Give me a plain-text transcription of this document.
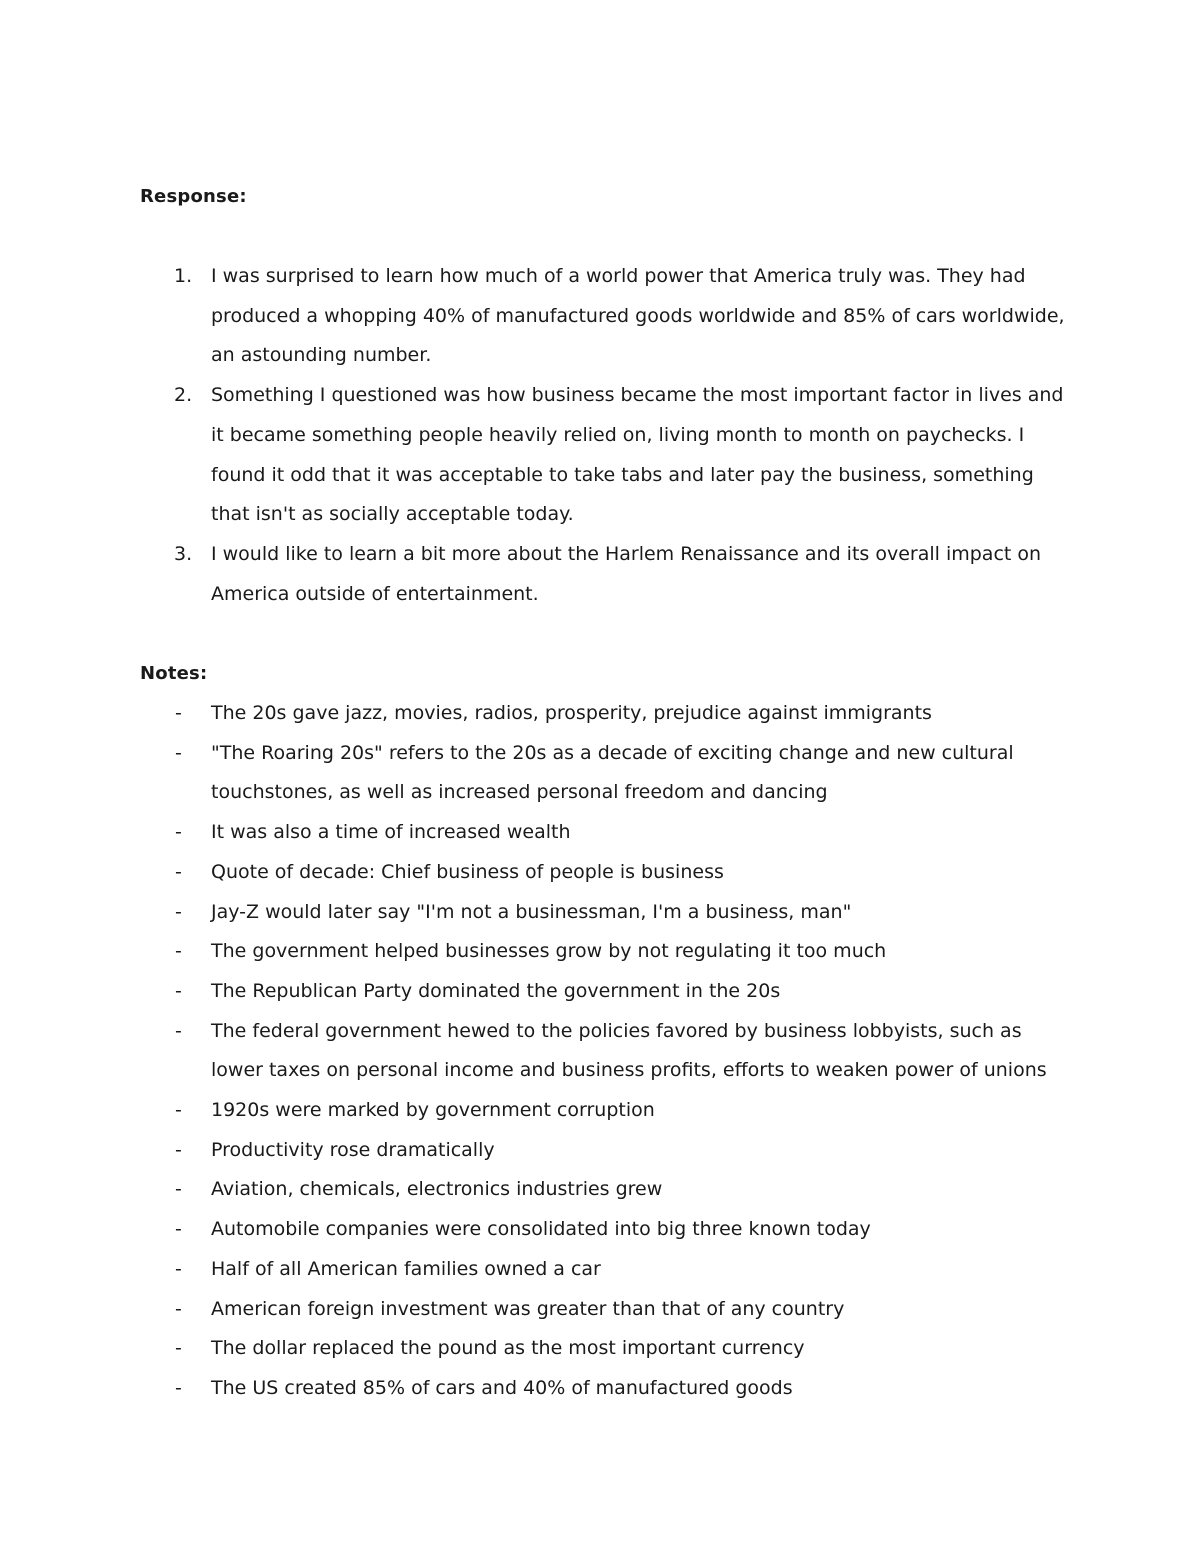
Response:
1. I was surprised to learn how much of a world power that America truly was. They had produced a whopping 40% of manufactured goods worldwide and 85% of cars worldwide, an astounding number.
2. Something I questioned was how business became the most important factor in lives and it became something people heavily relied on, living month to month on paychecks. I found it odd that it was acceptable to take tabs and later pay the business, something that isn't as socially acceptable today.
3. I would like to learn a bit more about the Harlem Renaissance and its overall impact on America outside of entertainment.
Notes:
- The 20s gave jazz, movies, radios, prosperity, prejudice against immigrants
- "The Roaring 20s" refers to the 20s as a decade of exciting change and new cultural touchstones, as well as increased personal freedom and dancing
- It was also a time of increased wealth
- Quote of decade: Chief business of people is business
- Jay-Z would later say "I'm not a businessman, I'm a business, man"
- The government helped businesses grow by not regulating it too much
- The Republican Party dominated the government in the 20s
- The federal government hewed to the policies favored by business lobbyists, such as lower taxes on personal income and business profits, efforts to weaken power of unions
- 1920s were marked by government corruption
- Productivity rose dramatically
- Aviation, chemicals, electronics industries grew
- Automobile companies were consolidated into big three known today
- Half of all American families owned a car
- American foreign investment was greater than that of any country
- The dollar replaced the pound as the most important currency
- The US created 85% of cars and 40% of manufactured goods
